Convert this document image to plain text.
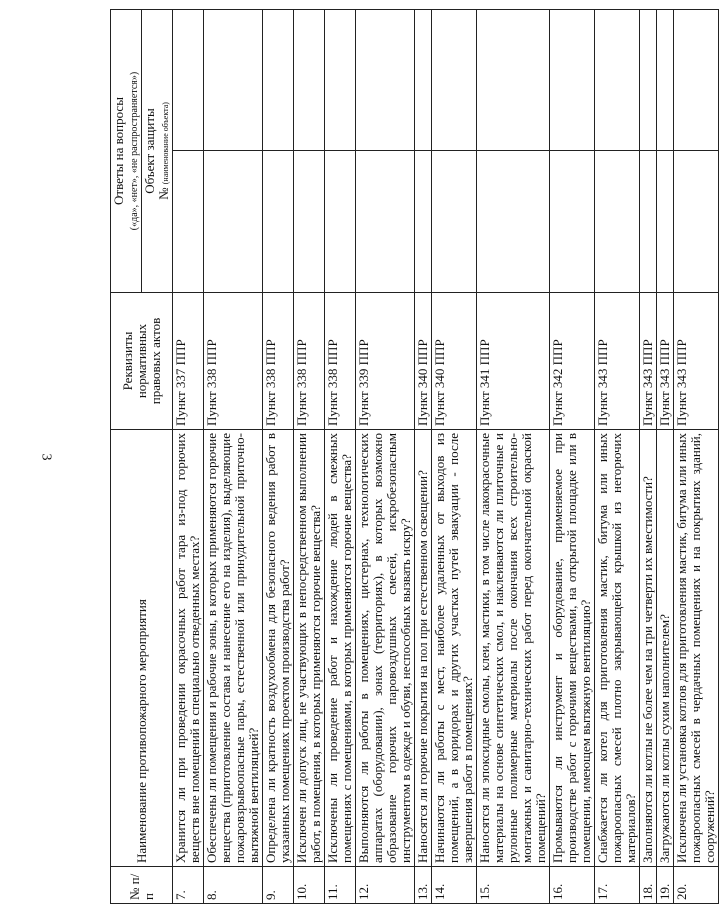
3
№ п/п	Наименование противопожарного мероприятия	Реквизиты нормативных правовых актов	Ответы на вопросы («да», «нет», «не распространяется»)	
			Объект защиты
№ (наименование объекта)	
7.	Хранится ли при проведении окрасочных работ тара из-под горючих веществ вне помещений в специально отведенных местах?	Пункт 337 ППР		
8.	Обеспечены ли помещения и рабочие зоны, в которых применяются горючие вещества (приготовление состава и нанесение его на изделия), выделяющие пожаровзрывоопасные пары, естественной или принудительной приточно-вытяжной вентиляцией?	Пункт 338 ППР		
9.	Определена ли кратность воздухообмена для безопасного ведения работ в указанных помещениях проектом производства работ?	Пункт 338 ППР		
10.	Исключен ли допуск лиц, не участвующих в непосредственном выполнении работ, в помещения, в которых применяются горючие вещества?	Пункт 338 ППР		
11.	Исключены ли проведение работ и нахождение людей в смежных помещениях с помещениями, в которых применяются горючие вещества?	Пункт 338 ППР		
12.	Выполняются ли работы в помещениях, цистернах, технологических аппаратах (оборудовании), зонах (территориях), в которых возможно образование горючих паровоздушных смесей, искробезопасным инструментом в одежде и обуви, неспособных вызвать искру?	Пункт 339 ППР		
13.	Наносятся ли горючие покрытия на пол при естественном освещении?	Пункт 340 ППР		
14.	Начинаются ли работы с мест, наиболее удаленных от выходов из помещений, а в коридорах и других участках путей эвакуации - после завершения работ в помещениях?	Пункт 340 ППР		
15.	Наносятся ли эпоксидные смолы, клеи, мастики, в том числе лакокрасочные материалы на основе синтетических смол, и наклеиваются ли плиточные и рулонные полимерные материалы после окончания всех строительно-монтажных и санитарно-технических работ перед окончательной окраской помещений?	Пункт 341 ППР		
16.	Промываются ли инструмент и оборудование, применяемое при производстве работ с горючими веществами, на открытой площадке или в помещении, имеющем вытяжную вентиляцию?	Пункт 342 ППР		
17.	Снабжается ли котел для приготовления мастик, битума или иных пожароопасных смесей плотно закрывающейся крышкой из негорючих материалов?	Пункт 343 ППР		
18.	Заполняются ли котлы не более чем на три четверти их вместимости?	Пункт 343 ППР		
19.	Загружаются ли котлы сухим наполнителем?	Пункт 343 ППР		
20.	Исключена ли установка котлов для приготовления мастик, битума или иных пожароопасных смесей в чердачных помещениях и на покрытиях зданий, сооружений?	Пункт 343 ППР		
